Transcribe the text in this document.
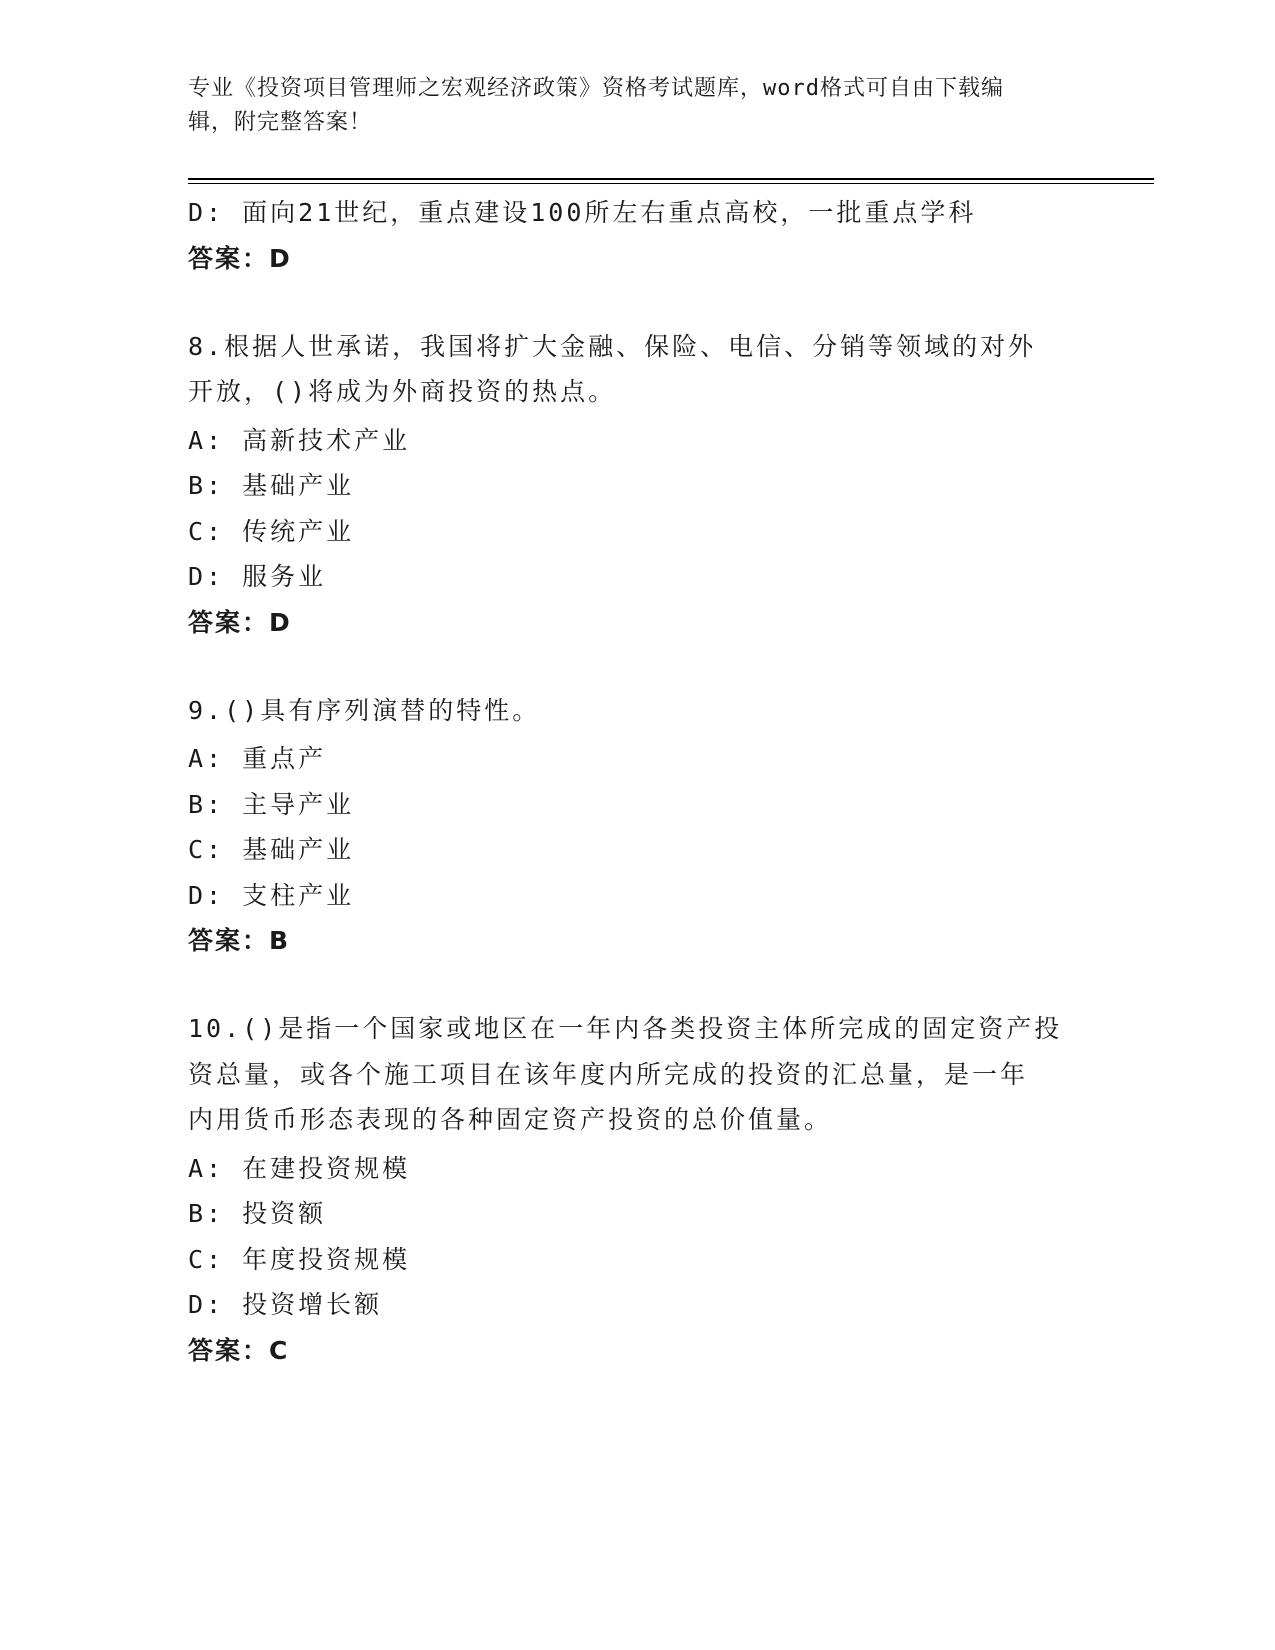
专业《投资项目管理师之宏观经济政策》资格考试题库，word格式可自由下载编
辑，附完整答案！
D: 面向21世纪，重点建设100所左右重点高校，一批重点学科
答案：D
8.根据人世承诺，我国将扩大金融、保险、电信、分销等领域的对外
开放，()将成为外商投资的热点。
A: 高新技术产业
B: 基础产业
C: 传统产业
D: 服务业
答案：D
9.()具有序列演替的特性。
A: 重点产
B: 主导产业
C: 基础产业
D: 支柱产业
答案：B
10.()是指一个国家或地区在一年内各类投资主体所完成的固定资产投
资总量，或各个施工项目在该年度内所完成的投资的汇总量，是一年
内用货币形态表现的各种固定资产投资的总价值量。
A: 在建投资规模
B: 投资额
C: 年度投资规模
D: 投资增长额
答案：C
